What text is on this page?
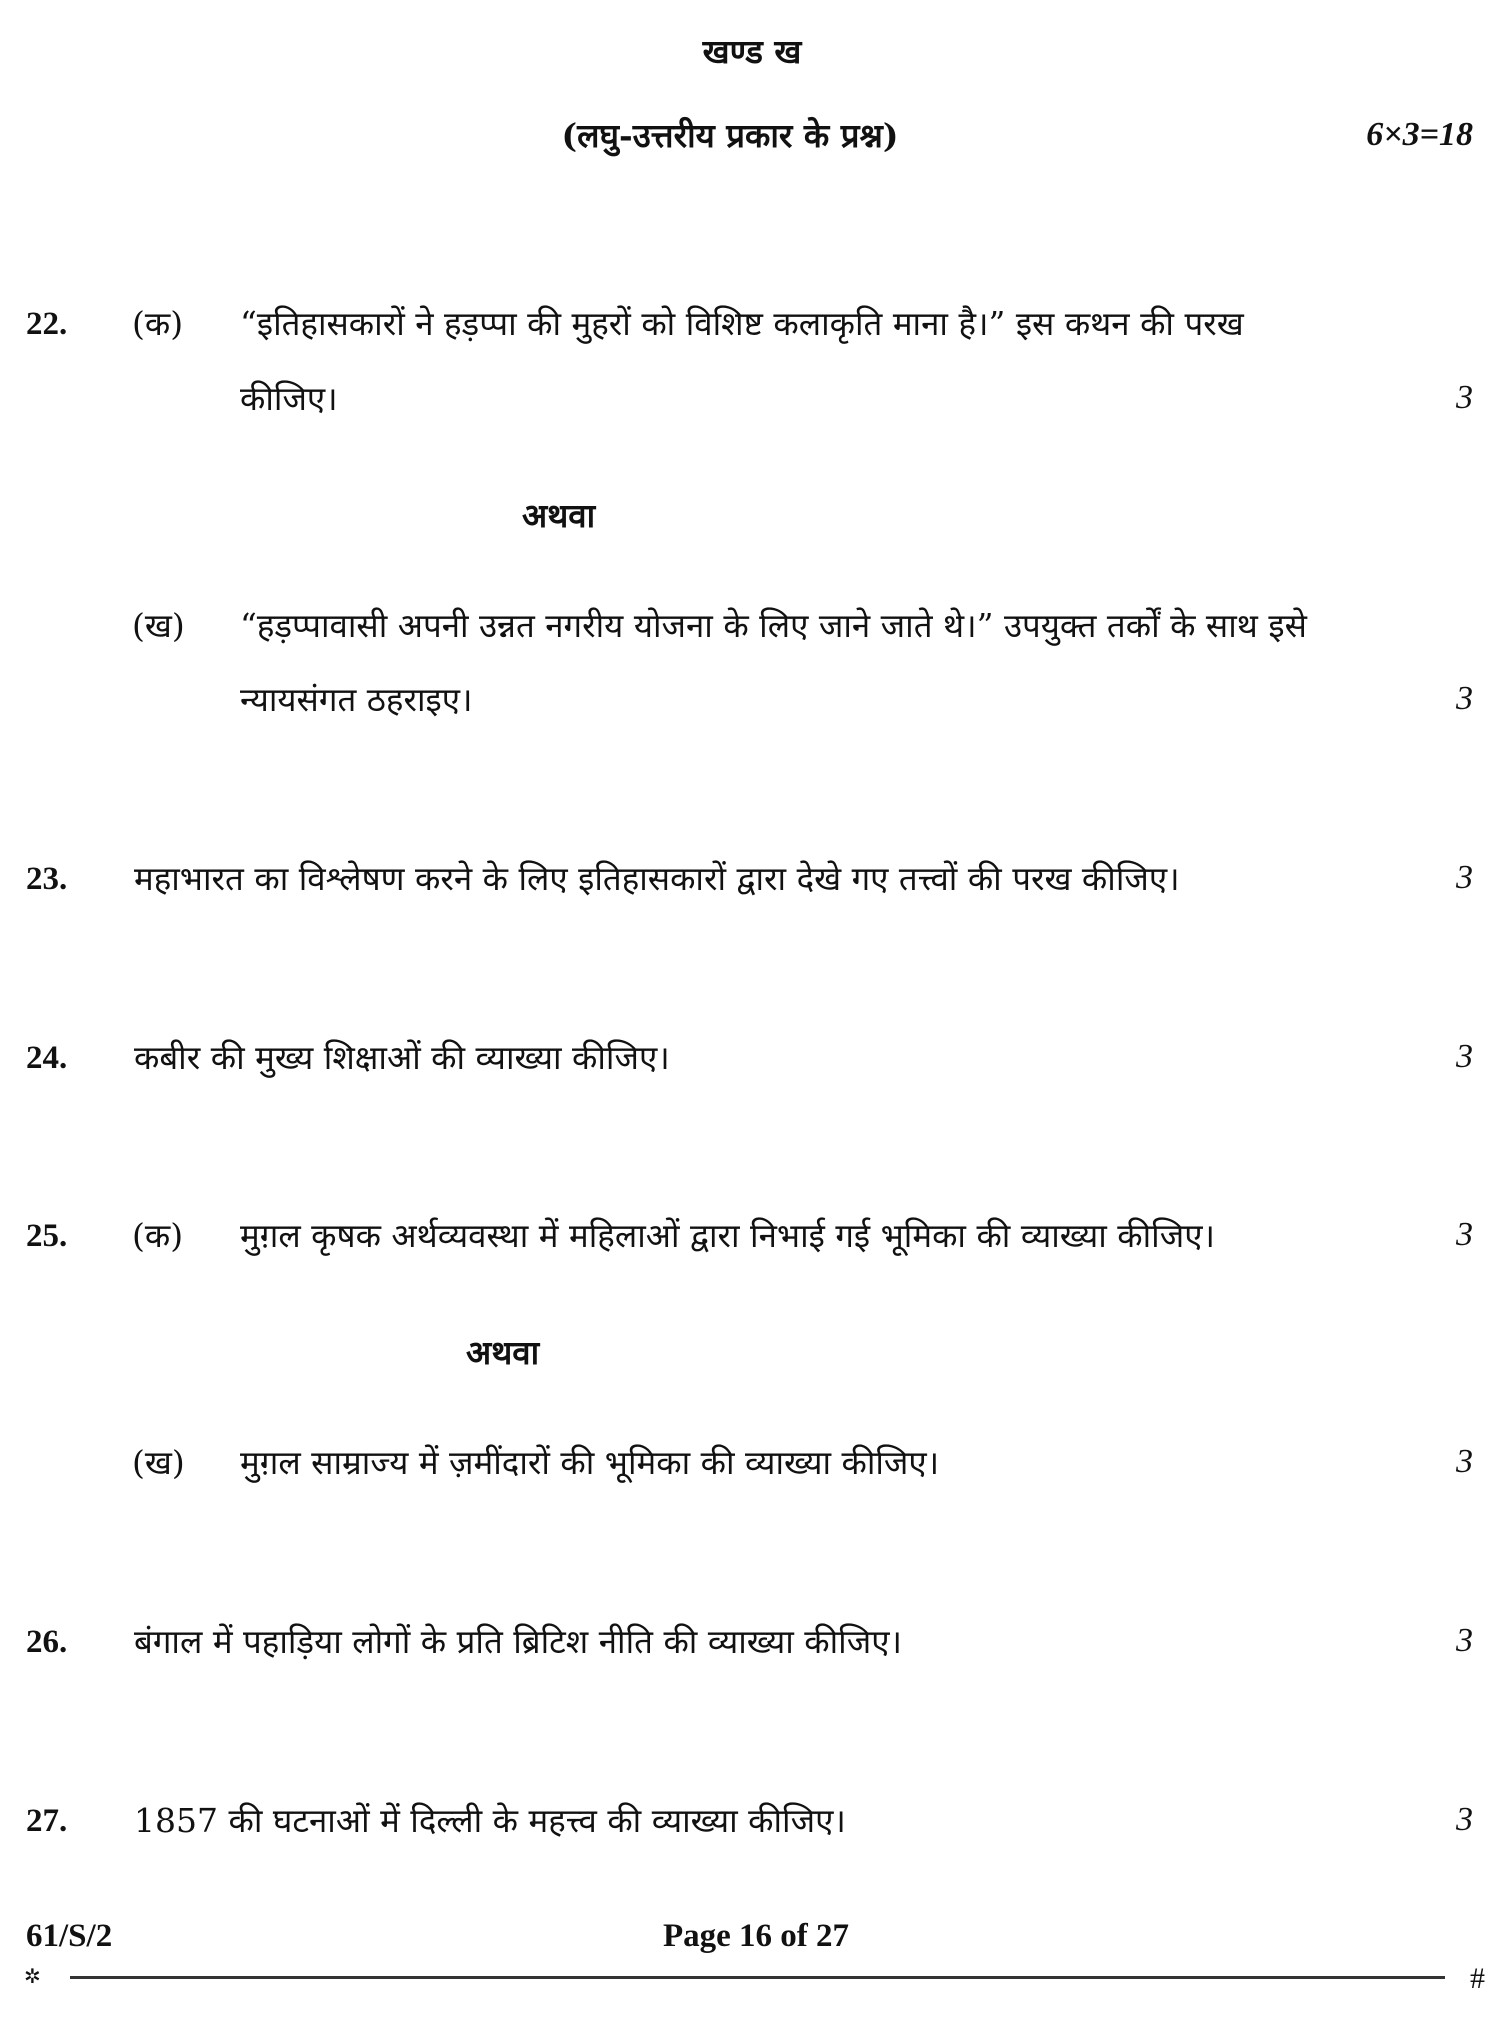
खण्ड ख
(लघु-उत्तरीय प्रकार के प्रश्न)	6×3=18
22. (क) “इतिहासकारों ने हड़प्पा की मुहरों को विशिष्ट कलाकृति माना है।” इस कथन की परख
कीजिए।	3
अथवा
(ख) “हड़प्पावासी अपनी उन्नत नगरीय योजना के लिए जाने जाते थे।” उपयुक्त तर्कों के साथ इसे
न्यायसंगत ठहराइए।	3
23. महाभारत का विश्लेषण करने के लिए इतिहासकारों द्वारा देखे गए तत्त्वों की परख कीजिए।	3
24. कबीर की मुख्य शिक्षाओं की व्याख्या कीजिए।	3
25. (क) मुग़ल कृषक अर्थव्यवस्था में महिलाओं द्वारा निभाई गई भूमिका की व्याख्या कीजिए।	3
अथवा
(ख) मुग़ल साम्राज्य में ज़मींदारों की भूमिका की व्याख्या कीजिए।	3
26. बंगाल में पहाड़िया लोगों के प्रति ब्रिटिश नीति की व्याख्या कीजिए।	3
27. 1857 की घटनाओं में दिल्ली के महत्त्व की व्याख्या कीजिए।	3
61/S/2	Page 16 of 27
✲	#
